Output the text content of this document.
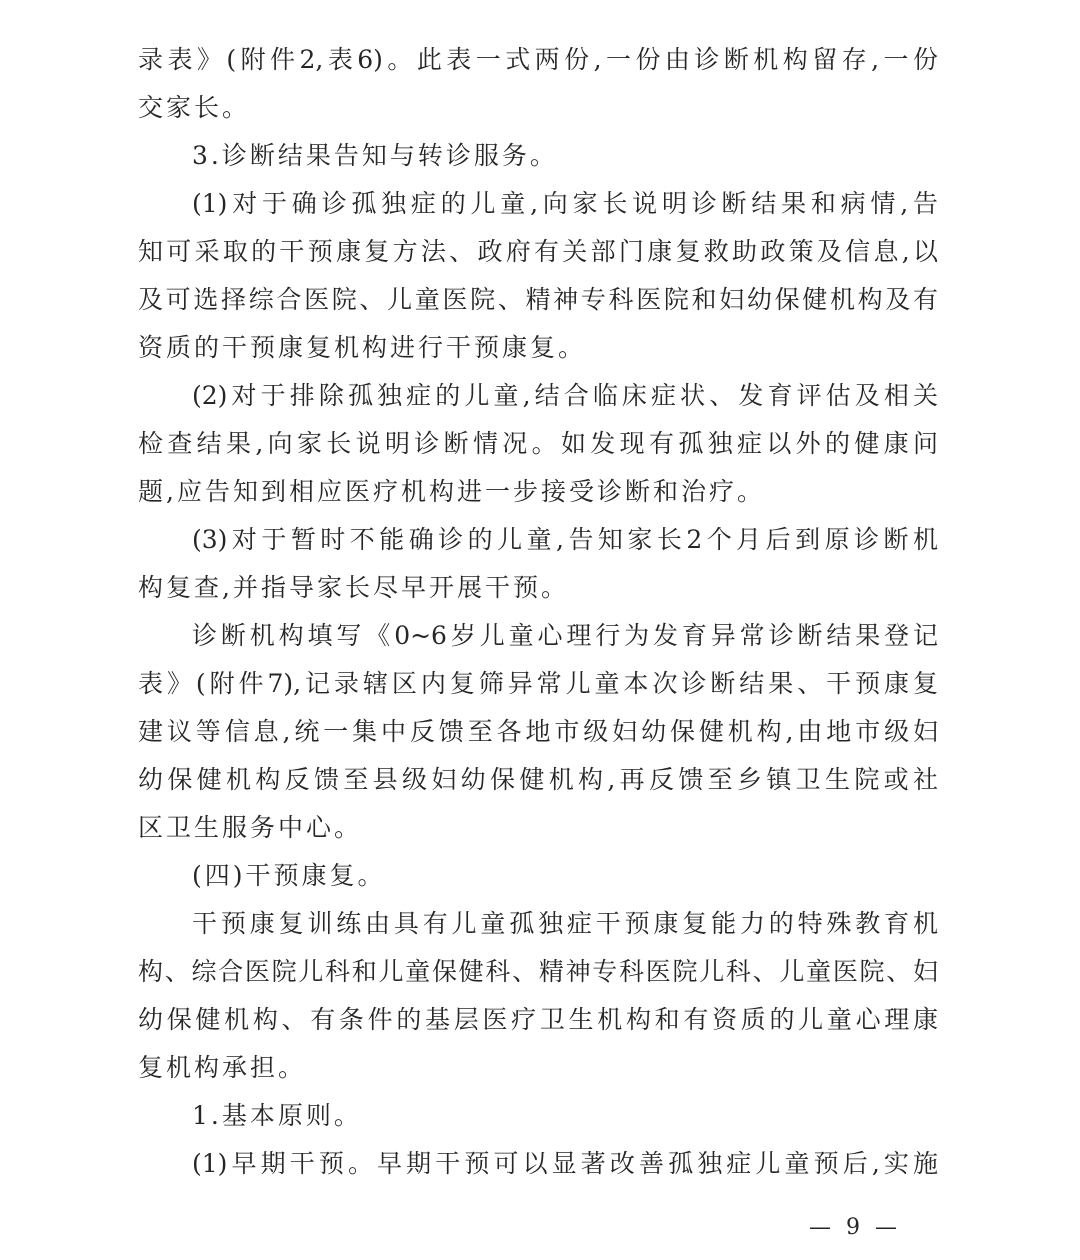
录表》(附件2,表6)。此表一式两份,一份由诊断机构留存,一份
交家长。
3.诊断结果告知与转诊服务。
(1)对于确诊孤独症的儿童,向家长说明诊断结果和病情,告
知可采取的干预康复方法、政府有关部门康复救助政策及信息,以
及可选择综合医院、儿童医院、精神专科医院和妇幼保健机构及有
资质的干预康复机构进行干预康复。
(2)对于排除孤独症的儿童,结合临床症状、发育评估及相关
检查结果,向家长说明诊断情况。如发现有孤独症以外的健康问
题,应告知到相应医疗机构进一步接受诊断和治疗。
(3)对于暂时不能确诊的儿童,告知家长2个月后到原诊断机
构复查,并指导家长尽早开展干预。
诊断机构填写《0~6岁儿童心理行为发育异常诊断结果登记
表》(附件7),记录辖区内复筛异常儿童本次诊断结果、干预康复
建议等信息,统一集中反馈至各地市级妇幼保健机构,由地市级妇
幼保健机构反馈至县级妇幼保健机构,再反馈至乡镇卫生院或社
区卫生服务中心。
(四)干预康复。
干预康复训练由具有儿童孤独症干预康复能力的特殊教育机
构、综合医院儿科和儿童保健科、精神专科医院儿科、儿童医院、妇
幼保健机构、有条件的基层医疗卫生机构和有资质的儿童心理康
复机构承担。
1.基本原则。
(1)早期干预。早期干预可以显著改善孤独症儿童预后,实施
— 9 —
